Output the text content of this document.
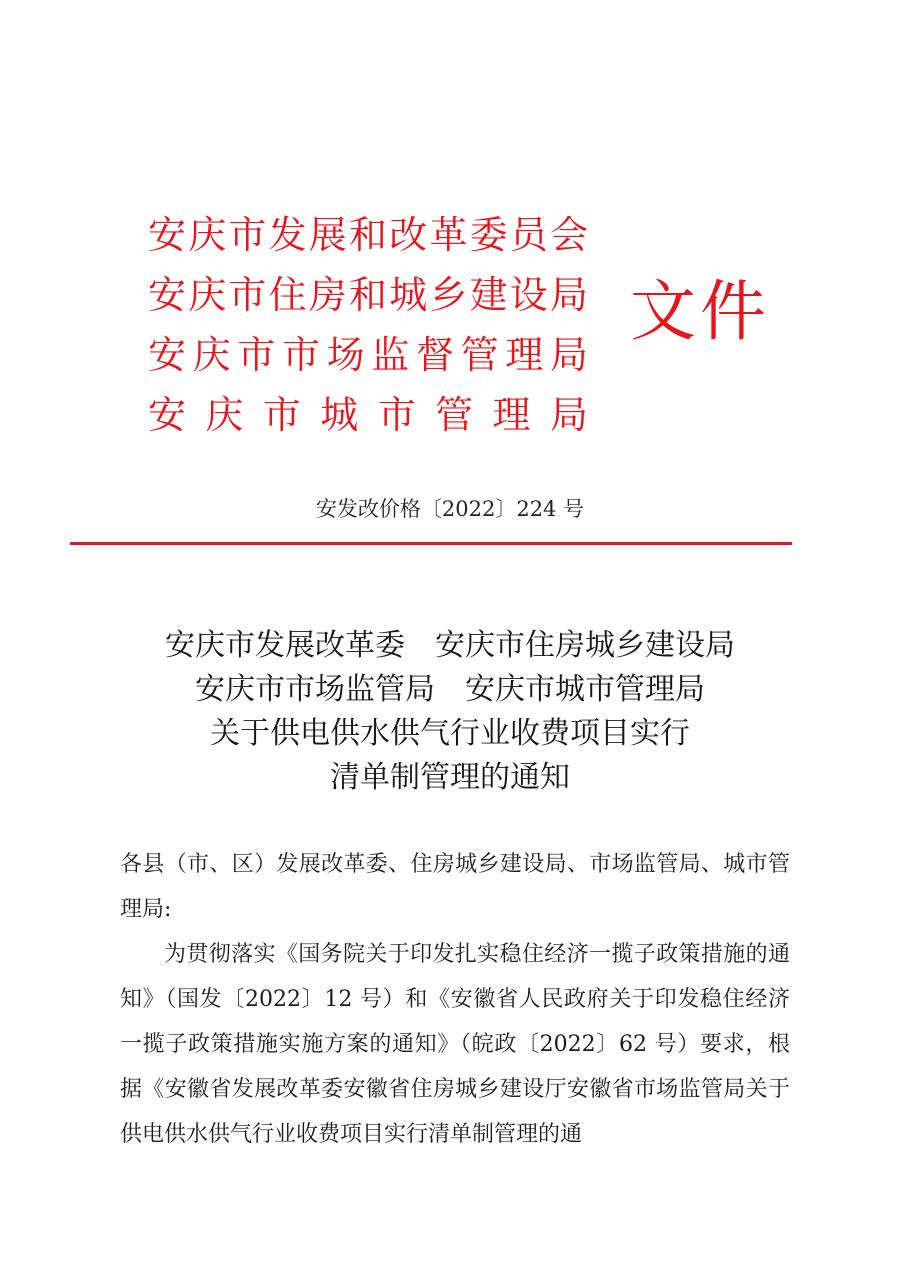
安庆市发展和改革委员会
安庆市住房和城乡建设局
安庆市市场监督管理局
安庆市城市管理局
文件
安发改价格〔2022〕224 号
安庆市发展改革委　安庆市住房城乡建设局
安庆市市场监管局　安庆市城市管理局
关于供电供水供气行业收费项目实行
清单制管理的通知

各县（市、区）发展改革委、住房城乡建设局、市场监管局、城市管理局:

为贯彻落实《国务院关于印发扎实稳住经济一揽子政策措施的通知》（国发〔2022〕12 号）和《安徽省人民政府关于印发稳住经济一揽子政策措施实施方案的通知》（皖政〔2022〕62 号）要求，根据《安徽省发展改革委安徽省住房城乡建设厅安徽省市场监管局关于供电供水供气行业收费项目实行清单制管理的通
